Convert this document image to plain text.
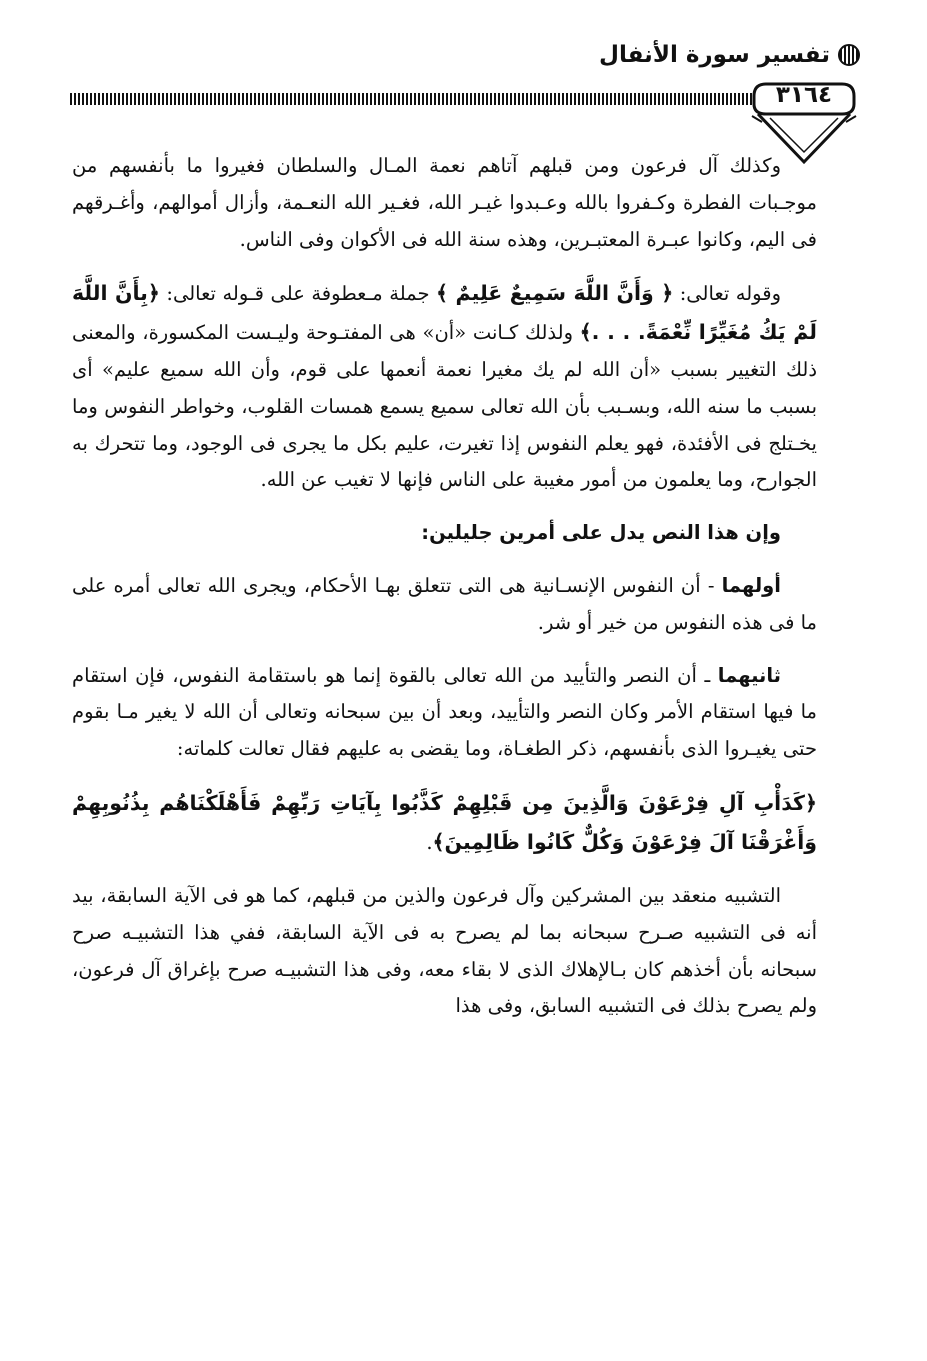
تفسير سورة الأنفال
٣١٦٤

وكذلك آل فرعون ومن قبلهم آتاهم نعمة المـال والسلطان فغيروا ما بأنفسهم من موجـبات الفطرة وكـفروا بالله وعـبدوا غيـر الله، فغـير الله النعـمة، وأزال أموالهم، وأغـرقهم فى اليم، وكانوا عبـرة المعتبـرين، وهذه سنة الله فى الأكوان وفى الناس.

وقوله تعالى: ﴿ وَأَنَّ اللَّهَ سَمِيعٌ عَلِيمٌ ﴾ جملة مـعطوفة على قـوله تعالى: ﴿بِأَنَّ اللَّهَ لَمْ يَكُ مُغَيِّرًا نِّعْمَةً. . . .﴾ ولذلك كـانت «أن» هى المفتـوحة وليـست المكسورة، والمعنى ذلك التغيير بسبب «أن الله لم يك مغيرا نعمة أنعمها على قوم، وأن الله سميع عليم» أى بسبب ما سنه الله، وبسـبب بأن الله تعالى سميع يسمع همسات القلوب، وخواطر النفوس وما يخـتلج فى الأفئدة، فهو يعلم النفوس إذا تغيرت، عليم بكل ما يجرى فى الوجود، وما تتحرك به الجوارح، وما يعلمون من أمور مغيبة على الناس فإنها لا تغيب عن الله.

وإن هذا النص يدل على أمرين جليلين:

أولهما - أن النفوس الإنسـانية هى التى تتعلق بهـا الأحكام، ويجرى الله تعالى أمره على ما فى هذه النفوس من خير أو شر.

ثانيهما ـ أن النصر والتأييد من الله تعالى بالقوة إنما هو باستقامة النفوس، فإن استقام ما فيها استقام الأمر وكان النصر والتأييد، وبعد أن بين سبحانه وتعالى أن الله لا يغير مـا بقوم حتى يغيـروا الذى بأنفسهم، ذكر الطغـاة، وما يقضى به عليهم فقال تعالت كلماته:

﴿كَدَأْبِ آلِ فِرْعَوْنَ وَالَّذِينَ مِن قَبْلِهِمْ كَذَّبُوا بِآيَاتِ رَبِّهِمْ فَأَهْلَكْنَاهُم بِذُنُوبِهِمْ وَأَغْرَقْنَا آلَ فِرْعَوْنَ وَكُلٌّ كَانُوا ظَالِمِينَ﴾.

التشبيه منعقد بين المشركين وآل فرعون والذين من قبلهم، كما هو فى الآية السابقة، بيد أنه فى التشبيه صـرح سبحانه بما لم يصرح به فى الآية السابقة، ففي هذا التشبيـه صرح سبحانه بأن أخذهم كان بـالإهلاك الذى لا بقاء معه، وفى هذا التشبيـه صرح بإغراق آل فرعون، ولم يصرح بذلك فى التشبيه السابق، وفى هذا
